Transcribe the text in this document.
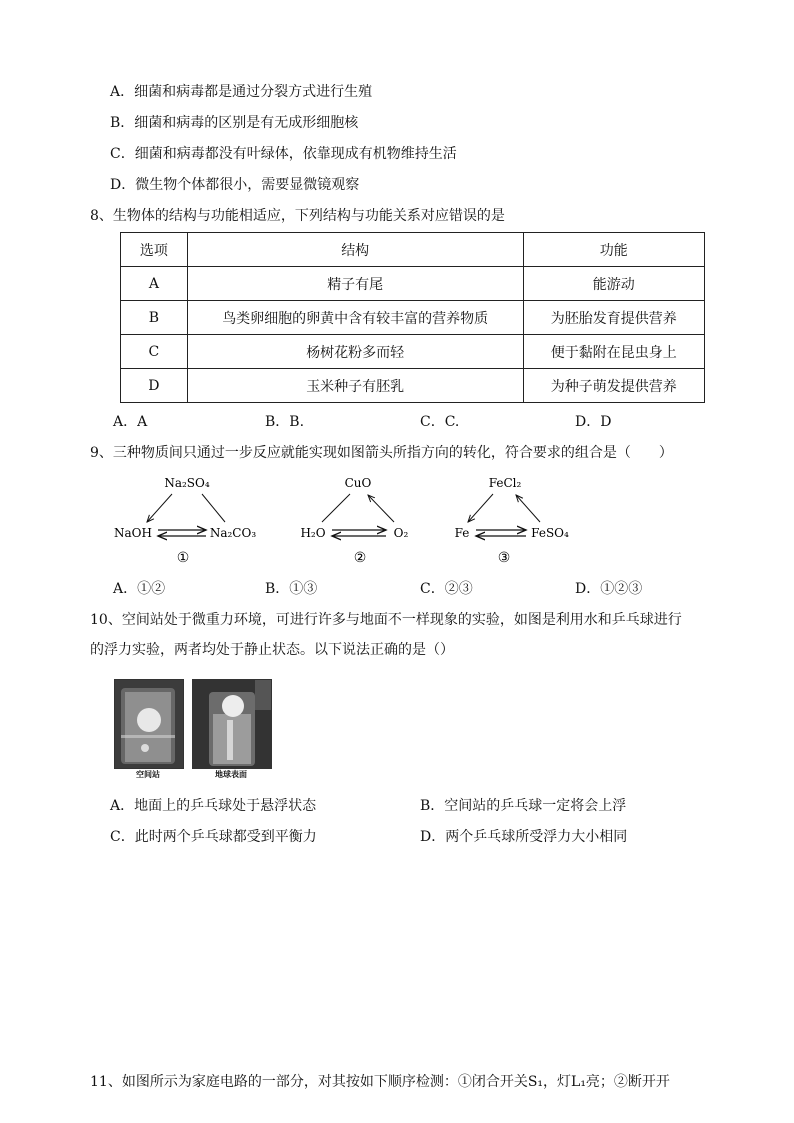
A．细菌和病毒都是通过分裂方式进行生殖
B．细菌和病毒的区别是有无成形细胞核
C．细菌和病毒都没有叶绿体，依靠现成有机物维持生活
D．微生物个体都很小，需要显微镜观察
8、生物体的结构与功能相适应，下列结构与功能关系对应错误的是
选项	结构	功能
A	精子有尾	能游动
B	鸟类卵细胞的卵黄中含有较丰富的营养物质	为胚胎发育提供营养
C	杨树花粉多而轻	便于黏附在昆虫身上
D	玉米种子有胚乳	为种子萌发提供营养
A．A	B．B.	C．C.	D．D
9、三种物质间只通过一步反应就能实现如图箭头所指方向的转化，符合要求的组合是（　　）
Na₂SO₄
NaOH	Na₂CO₃
①
CuO
H₂O	O₂
②
FeCl₂
Fe	FeSO₄
③
A．①②	B．①③	C．②③	D．①②③
10、空间站处于微重力环境，可进行许多与地面不一样现象的实验，如图是利用水和乒乓球进行
的浮力实验，两者均处于静止状态。以下说法正确的是（）
空间站	地球表面
A．地面上的乒乓球处于悬浮状态	B．空间站的乒乓球一定将会上浮
C．此时两个乒乓球都受到平衡力	D．两个乒乓球所受浮力大小相同
11、如图所示为家庭电路的一部分，对其按如下顺序检测：①闭合开关S₁，灯L₁亮；②断开开
